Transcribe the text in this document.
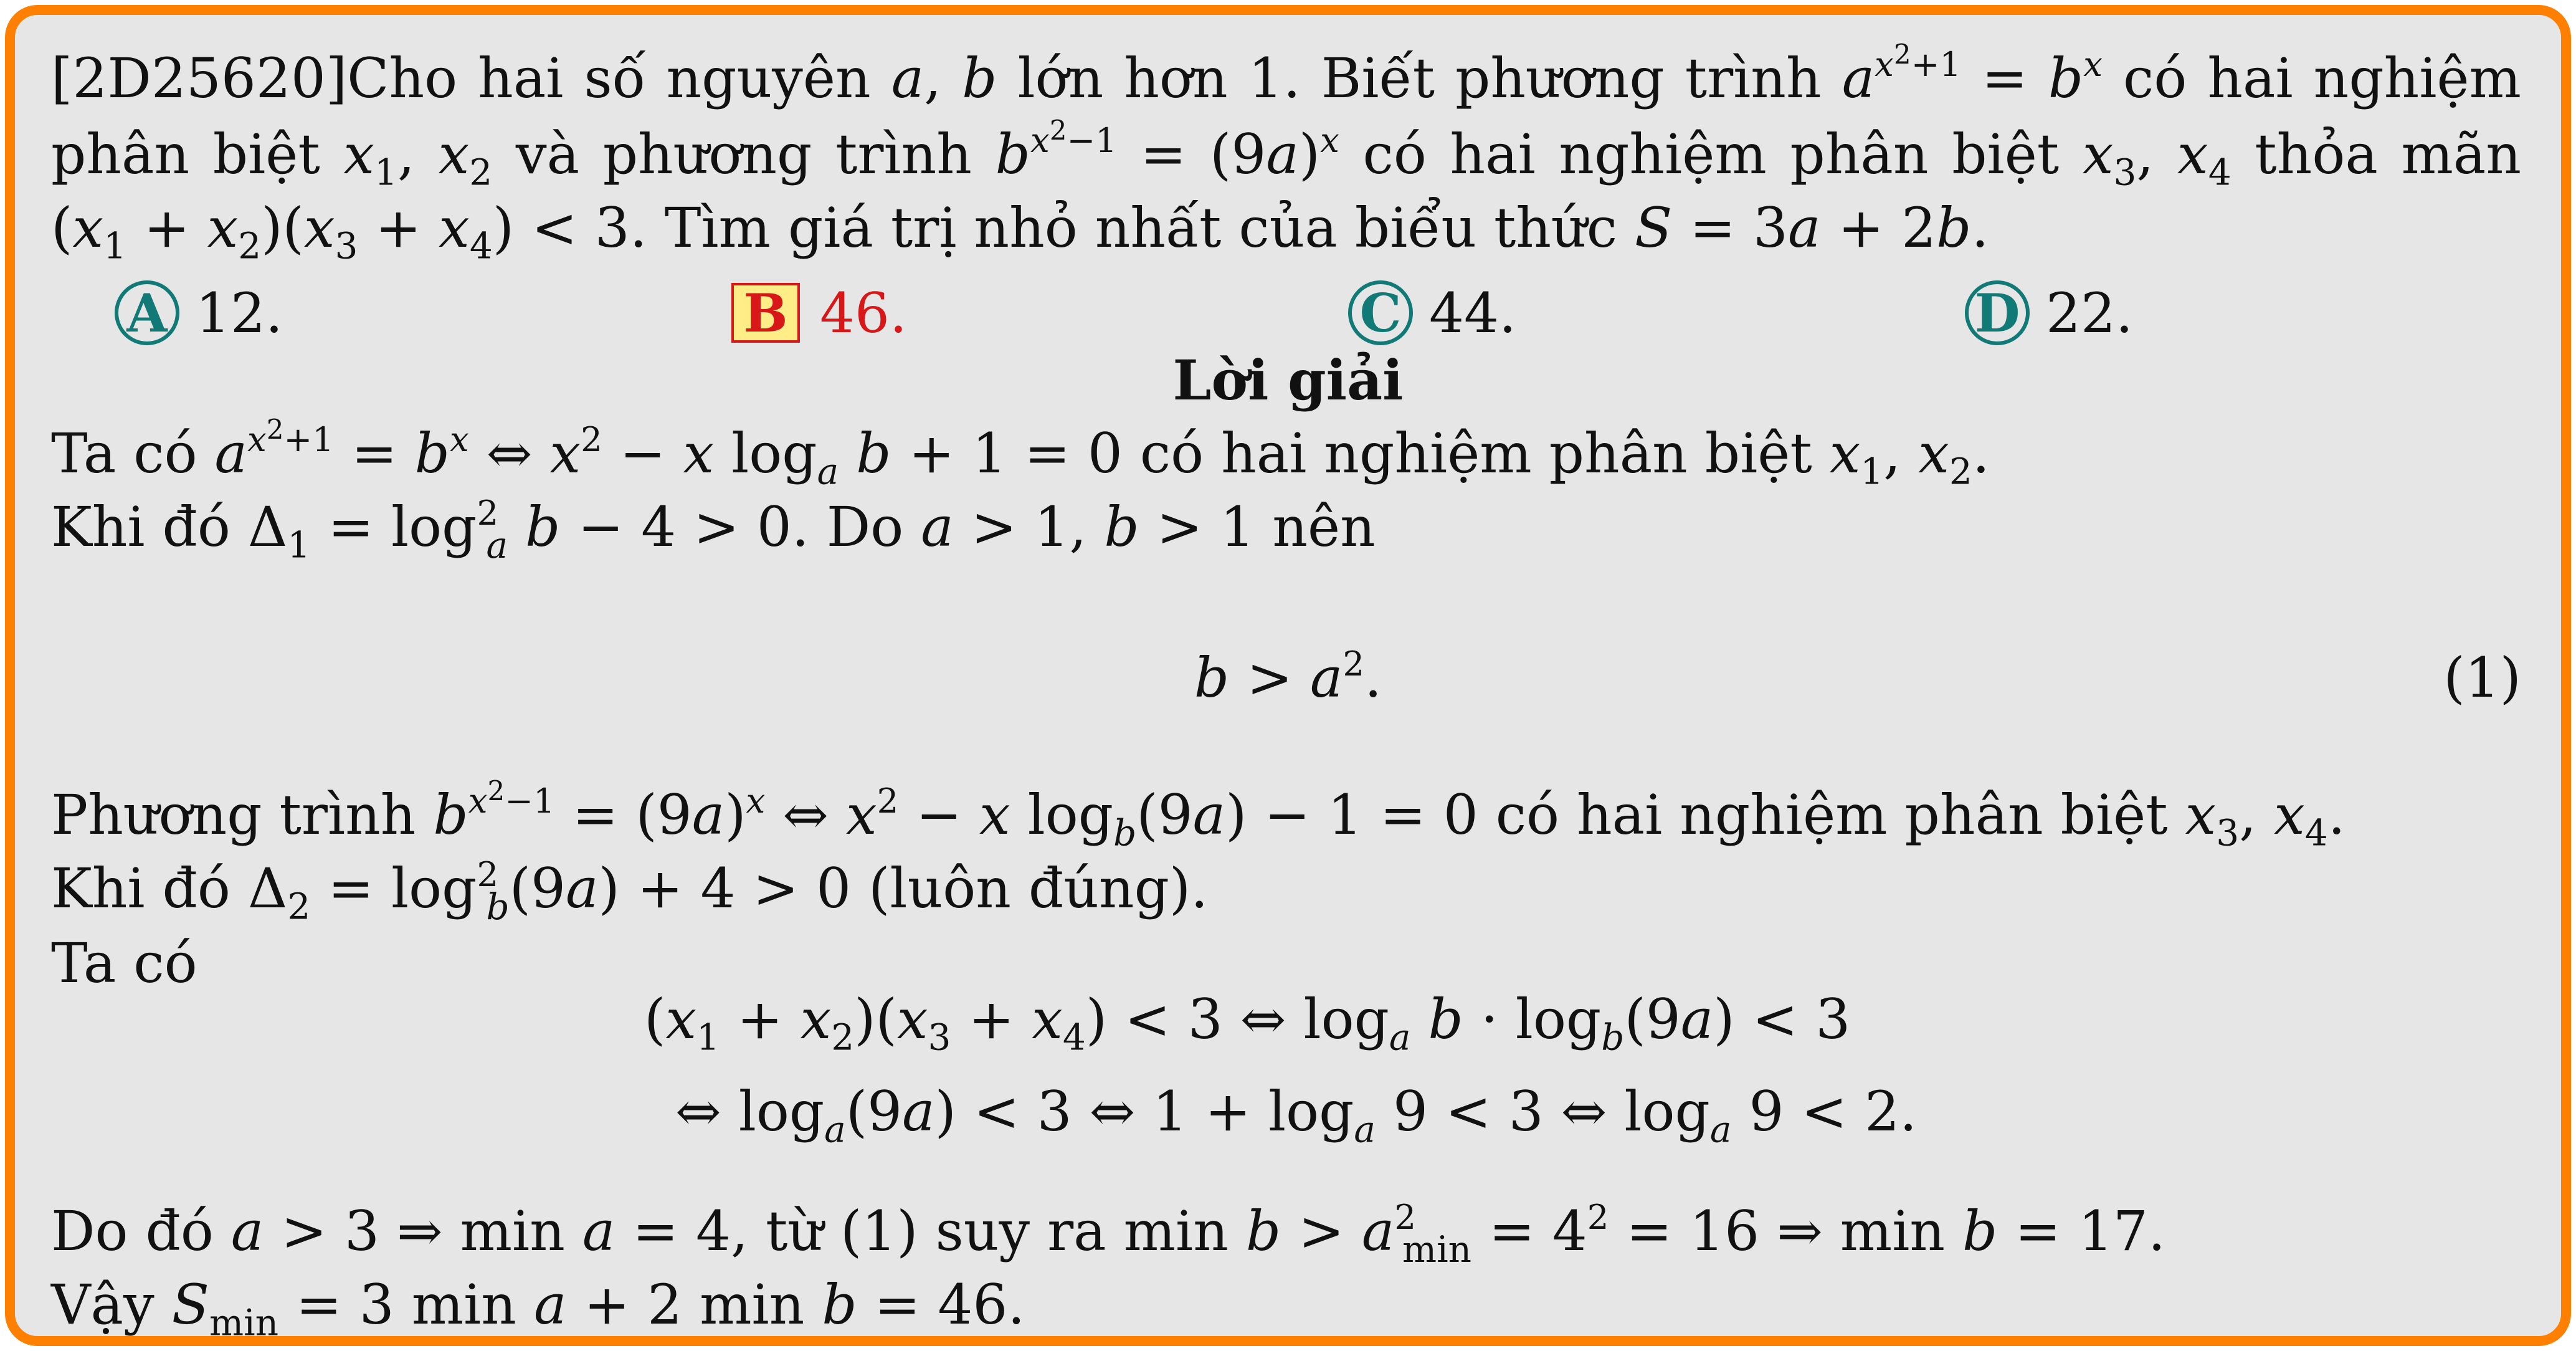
[2D25620]Cho hai số nguyên a, b lớn hơn 1. Biết phương trình $a^{x^2+1} = b^x$ có hai nghiệm
phân biệt $x_1$, $x_2$ và phương trình $b^{x^2-1} = (9a)^x$ có hai nghiệm phân biệt $x_3$, $x_4$ thỏa mãn
$(x_1 + x_2)(x_3 + x_4) < 3$. Tìm giá trị nhỏ nhất của biểu thức S = 3a + 2b.
A 12.	B 46.	C 44.	D 22.
Lời giải
Ta có $a^{x^2+1} = b^x$ ⇔ $x^2 - x$ $\log_a b + 1 = 0$ có hai nghiệm phân biệt $x_1$, $x_2$.
Khi đó $\Delta_1 = \log^2_a b - 4 > 0$. Do a > 1, b > 1 nên
$b > a^2$.	(1)
Phương trình $b^{x^2-1} = (9a)^x$ ⇔ $x^2 - x$ $\log_b(9a) - 1 = 0$ có hai nghiệm phân biệt $x_3$, $x_4$.
Khi đó $\Delta_2 = \log^2_b(9a) + 4 > 0$ (luôn đúng).
Ta có
$(x_1 + x_2)(x_3 + x_4) < 3$ ⇔ $\log_a b \cdot \log_b(9a) < 3$
⇔ $\log_a(9a) < 3$ ⇔ $1 + \log_a 9 < 3$ ⇔ $\log_a 9 < 2$.
Do đó a > 3 ⇒ min a = 4, từ (1) suy ra $\min b > a^2_{min} = 4^2 = 16$ ⇒ min b = 17.
Vậy $S_{min} = 3$ min a + 2 min b = 46.
